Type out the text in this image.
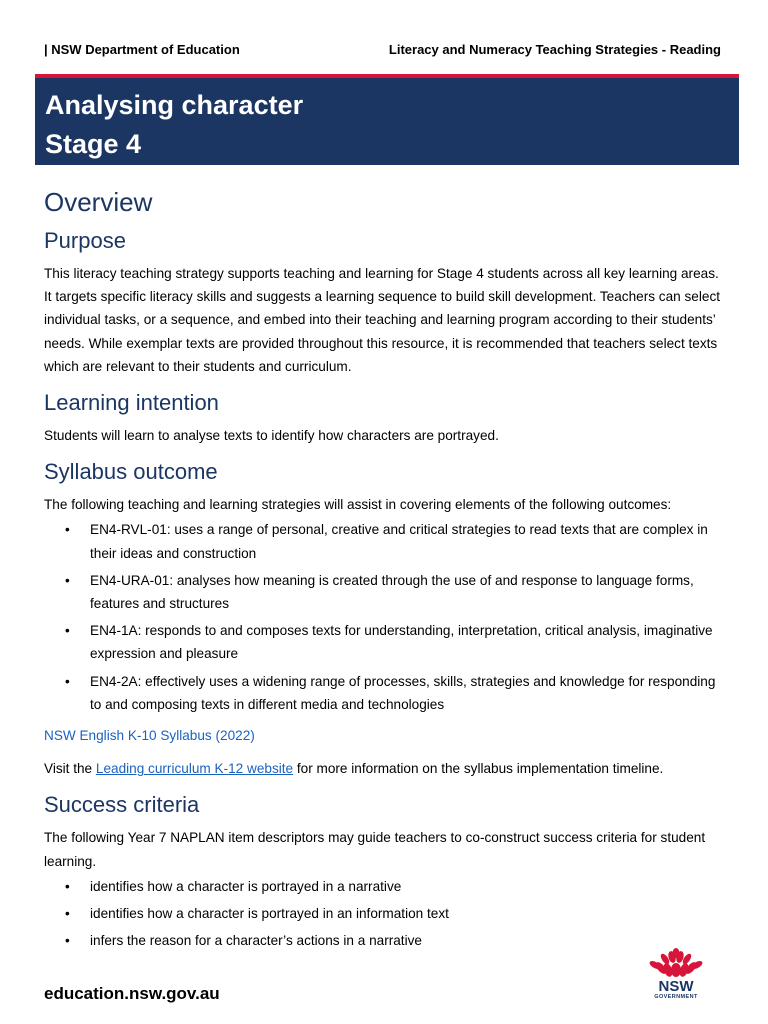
| NSW Department of Education	Literacy and Numeracy Teaching Strategies - Reading
Analysing character
Stage 4
Overview
Purpose

This literacy teaching strategy supports teaching and learning for Stage 4 students across all key learning areas. It targets specific literacy skills and suggests a learning sequence to build skill development. Teachers can select individual tasks, or a sequence, and embed into their teaching and learning program according to their students’ needs. While exemplar texts are provided throughout this resource, it is recommended that teachers select texts which are relevant to their students and curriculum.

Learning intention

Students will learn to analyse texts to identify how characters are portrayed.

Syllabus outcome

The following teaching and learning strategies will assist in covering elements of the following outcomes:

• EN4-RVL-01: uses a range of personal, creative and critical strategies to read texts that are complex in their ideas and construction
• EN4-URA-01: analyses how meaning is created through the use of and response to language forms, features and structures
• EN4-1A: responds to and composes texts for understanding, interpretation, critical analysis, imaginative expression and pleasure
• EN4-2A: effectively uses a widening range of processes, skills, strategies and knowledge for responding to and composing texts in different media and technologies

NSW English K-10 Syllabus (2022)

Visit the Leading curriculum K-12 website for more information on the syllabus implementation timeline.

Success criteria

The following Year 7 NAPLAN item descriptors may guide teachers to co-construct success criteria for student learning.

• identifies how a character is portrayed in a narrative
• identifies how a character is portrayed in an information text
• infers the reason for a character’s actions in a narrative
education.nsw.gov.au	NSW
GOVERNMENT
